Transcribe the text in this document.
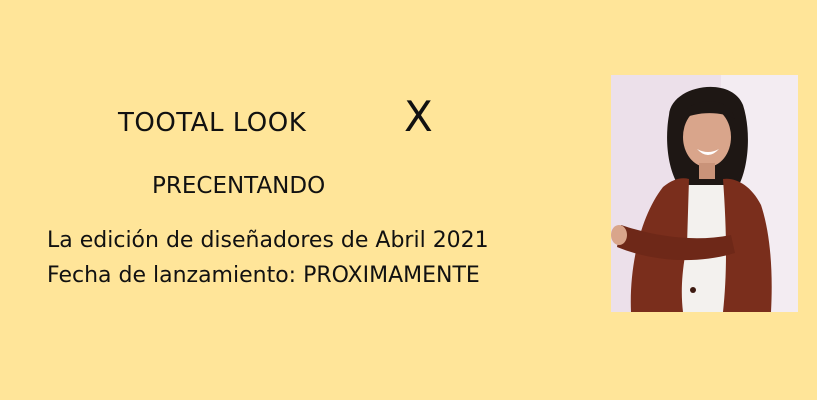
TOOTAL LOOK X
PRECENTANDO
La edición de diseñadores de Abril 2021
Fecha de lanzamiento: PROXIMAMENTE
